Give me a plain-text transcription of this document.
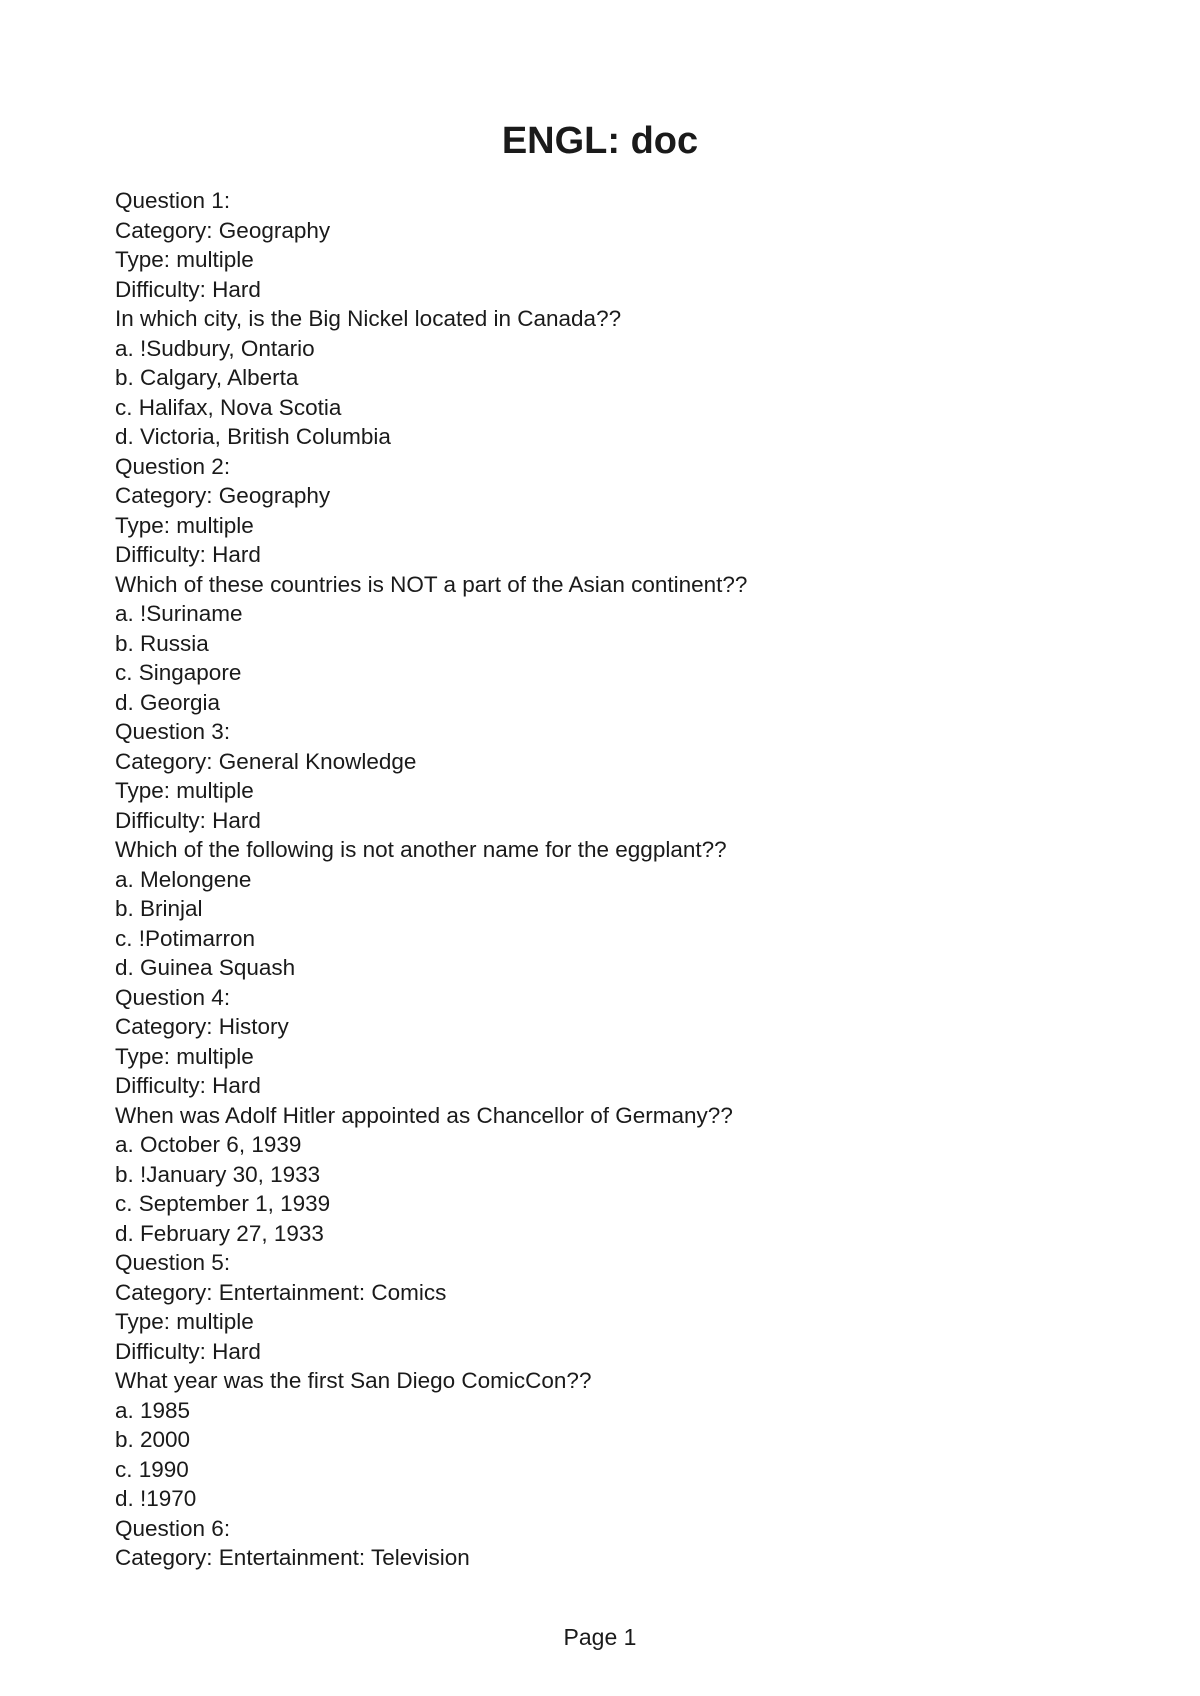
ENGL: doc
Question 1:
Category: Geography
Type: multiple
Difficulty: Hard
In which city, is the Big Nickel located in Canada??
a. !Sudbury, Ontario
b. Calgary, Alberta
c. Halifax, Nova Scotia
d. Victoria, British Columbia
Question 2:
Category: Geography
Type: multiple
Difficulty: Hard
Which of these countries is NOT a part of the Asian continent??
a. !Suriname
b. Russia
c. Singapore
d. Georgia
Question 3:
Category: General Knowledge
Type: multiple
Difficulty: Hard
Which of the following is not another name for the eggplant??
a. Melongene
b. Brinjal
c. !Potimarron
d. Guinea Squash
Question 4:
Category: History
Type: multiple
Difficulty: Hard
When was Adolf Hitler appointed as Chancellor of Germany??
a. October 6, 1939
b. !January 30, 1933
c. September 1, 1939
d. February 27, 1933
Question 5:
Category: Entertainment: Comics
Type: multiple
Difficulty: Hard
What year was the first San Diego ComicCon??
a. 1985
b. 2000
c. 1990
d. !1970
Question 6:
Category: Entertainment: Television
Page 1
